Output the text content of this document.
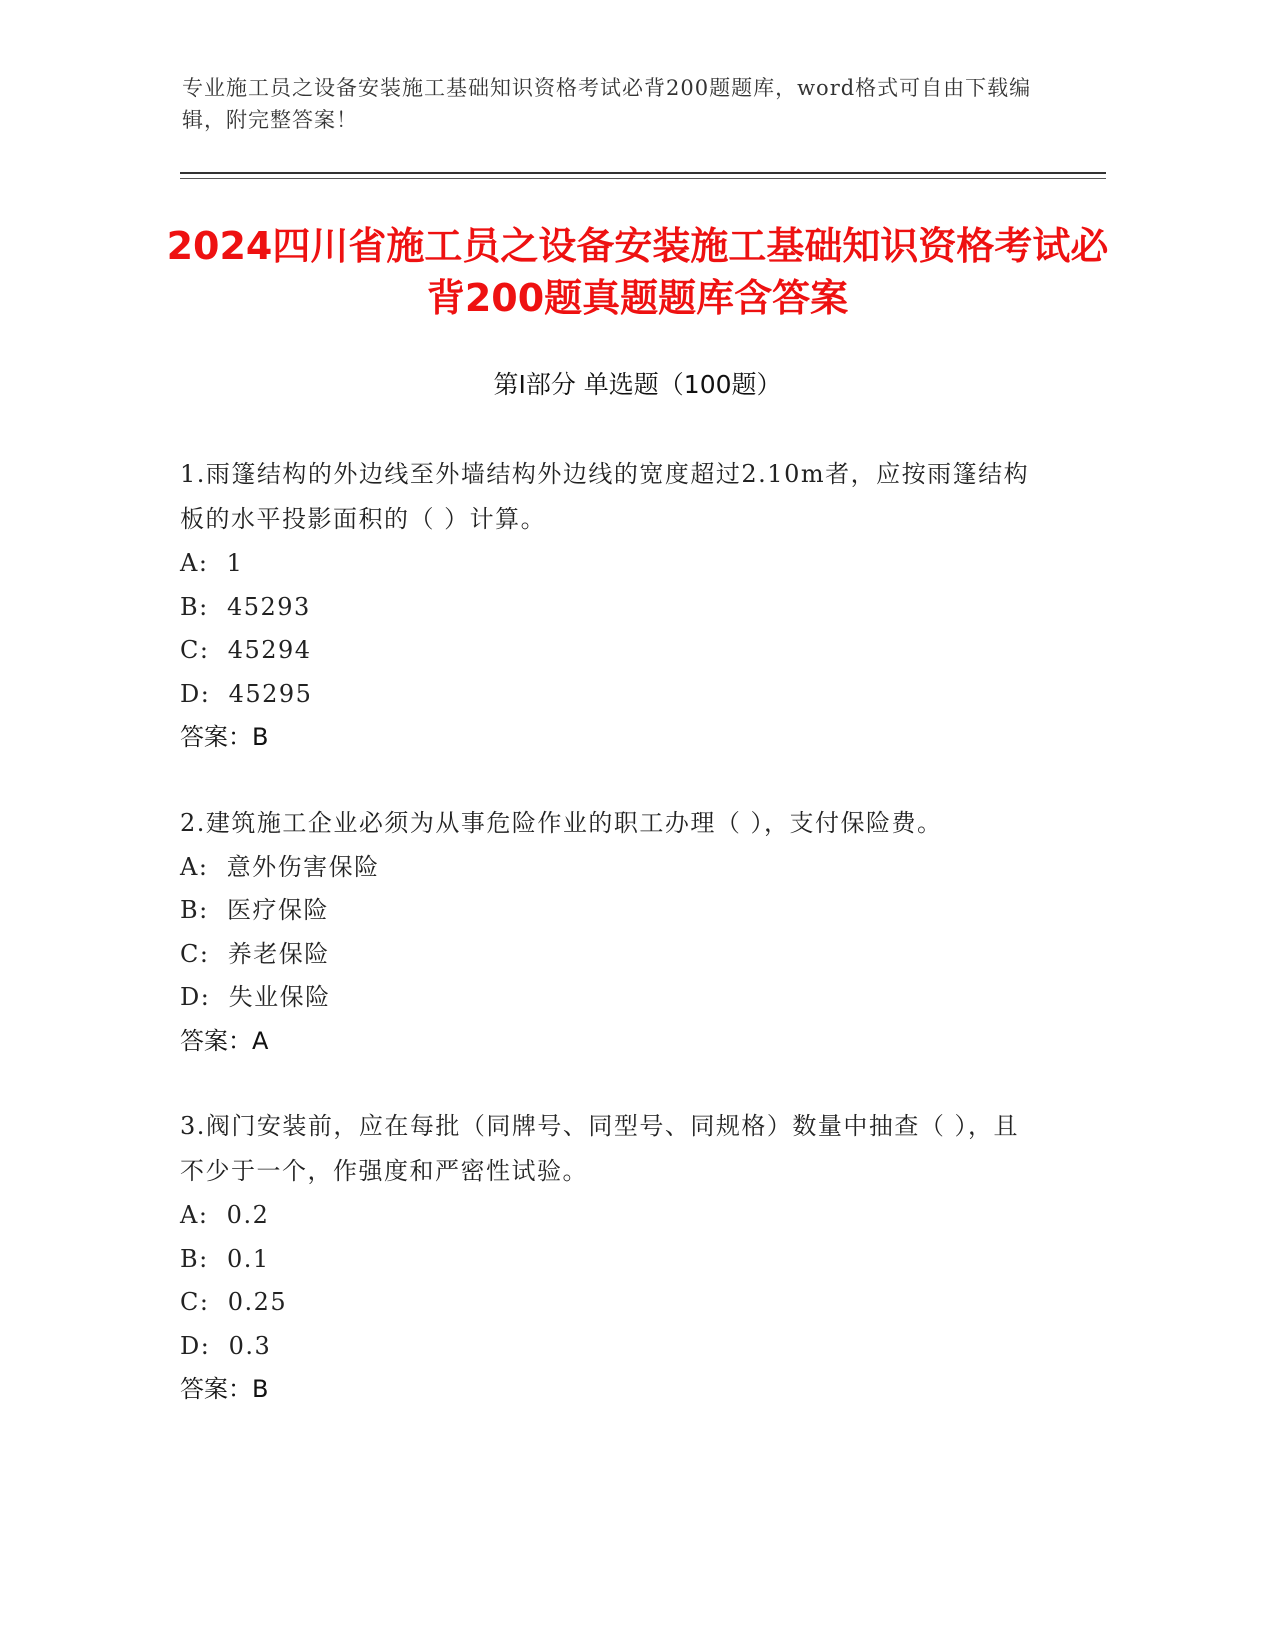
专业施工员之设备安装施工基础知识资格考试必背200题题库，word格式可自由下载编辑，附完整答案！
2024四川省施工员之设备安装施工基础知识资格考试必背200题真题题库含答案
第Ⅰ部分 单选题（100题）

1.雨篷结构的外边线至外墙结构外边线的宽度超过2.10m者，应按雨篷结构板的水平投影面积的（ ）计算。

A:  1
B:  45293
C:  45294
D:  45295
答案：B

2.建筑施工企业必须为从事危险作业的职工办理（ ），支付保险费。

A:  意外伤害保险
B:  医疗保险
C:  养老保险
D:  失业保险
答案：A

3.阀门安装前，应在每批（同牌号、同型号、同规格）数量中抽查（ ），且不少于一个，作强度和严密性试验。

A:  0.2
B:  0.1
C:  0.25
D:  0.3
答案：B
